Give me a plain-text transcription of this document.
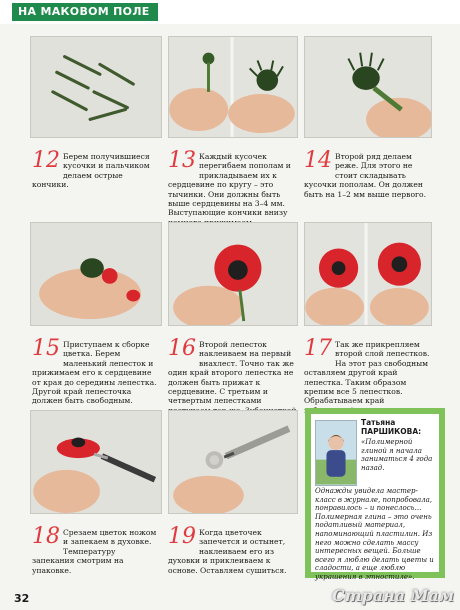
НА МАКОВОМ ПОЛЕ
12 Берем получившиеся кусочки и пальчиком делаем острые кончики.
13 Каждый кусочек перегибаем пополам и прикладываем их к сердцевине по кругу – это тычинки. Они должны быть выше сердцевины на 3–4 мм. Выступающие кончики внизу
14 Второй ряд делаем реже. Для этого не стоит складывать кусочки пополам. Он должен быть на 1–2 мм выше первого.
15 Приступаем к сборке цветка. Берем маленький лепесток и прижимаем его к сердцевине от края до середины лепестка. Другой край лепесточка должен быть свободным.
16 Второй лепесток наклеиваем на первый внахлест. Точно так же один край второго лепестка не должен быть прижат к сердцевине. С третьим и четвертым лепестками
17 Так же прикрепляем второй слой лепестков. На этот раз свободным оставляем другой край лепестка. Таким образом крепим все 5 лепестков. Обрабатываем край
18 Срезаем цветок ножом и запекаем в духовке. Температуру запекания смотрим на упаковке.
19 Когда цветочек запечется и остынет, наклеиваем его из духовки и приклеиваем к основе. Оставляем сушиться.
Татьяна
ПАРШИКОВА:
«Полимерной глиной я начала заниматься 4 года назад.
Однажды увидела мастер-класс в журнале, попробовала, понравилось – и понеслось… Полимерная глина – это очень податливый материал, напоминающий пластилин. Из него можно сделать массу интересных вещей. Больше всего я люблю делать цветы и сладости, а еще люблю украшения в этностиле».
32	Страна Мам
